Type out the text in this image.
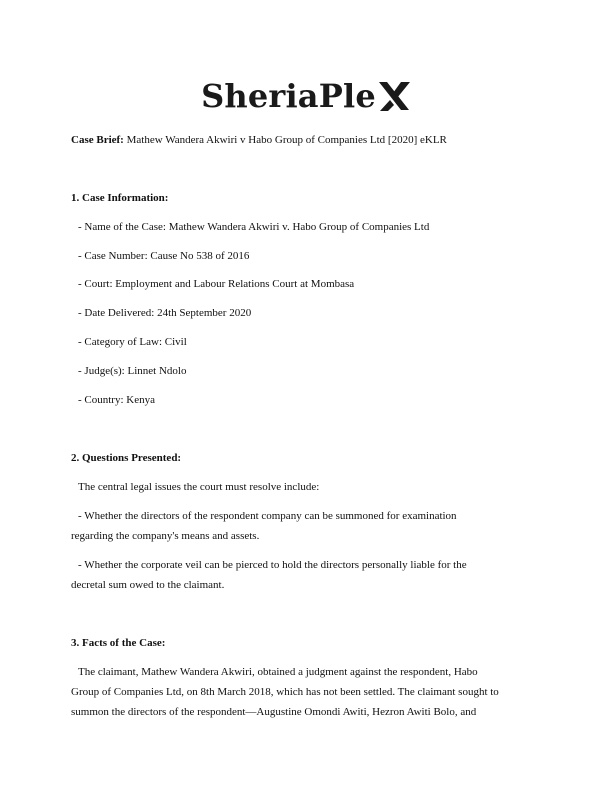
SheriaPle
Case Brief: Mathew Wandera Akwiri v Habo Group of Companies Ltd [2020] eKLR
1. Case Information:
- Name of the Case: Mathew Wandera Akwiri v. Habo Group of Companies Ltd
- Case Number: Cause No 538 of 2016
- Court: Employment and Labour Relations Court at Mombasa
- Date Delivered: 24th September 2020
- Category of Law: Civil
- Judge(s): Linnet Ndolo
- Country: Kenya
2. Questions Presented:
The central legal issues the court must resolve include:
- Whether the directors of the respondent company can be summoned for examination
regarding the company's means and assets.
- Whether the corporate veil can be pierced to hold the directors personally liable for the
decretal sum owed to the claimant.
3. Facts of the Case:
The claimant, Mathew Wandera Akwiri, obtained a judgment against the respondent, Habo
Group of Companies Ltd, on 8th March 2018, which has not been settled. The claimant sought to
summon the directors of the respondent—Augustine Omondi Awiti, Hezron Awiti Bolo, and
